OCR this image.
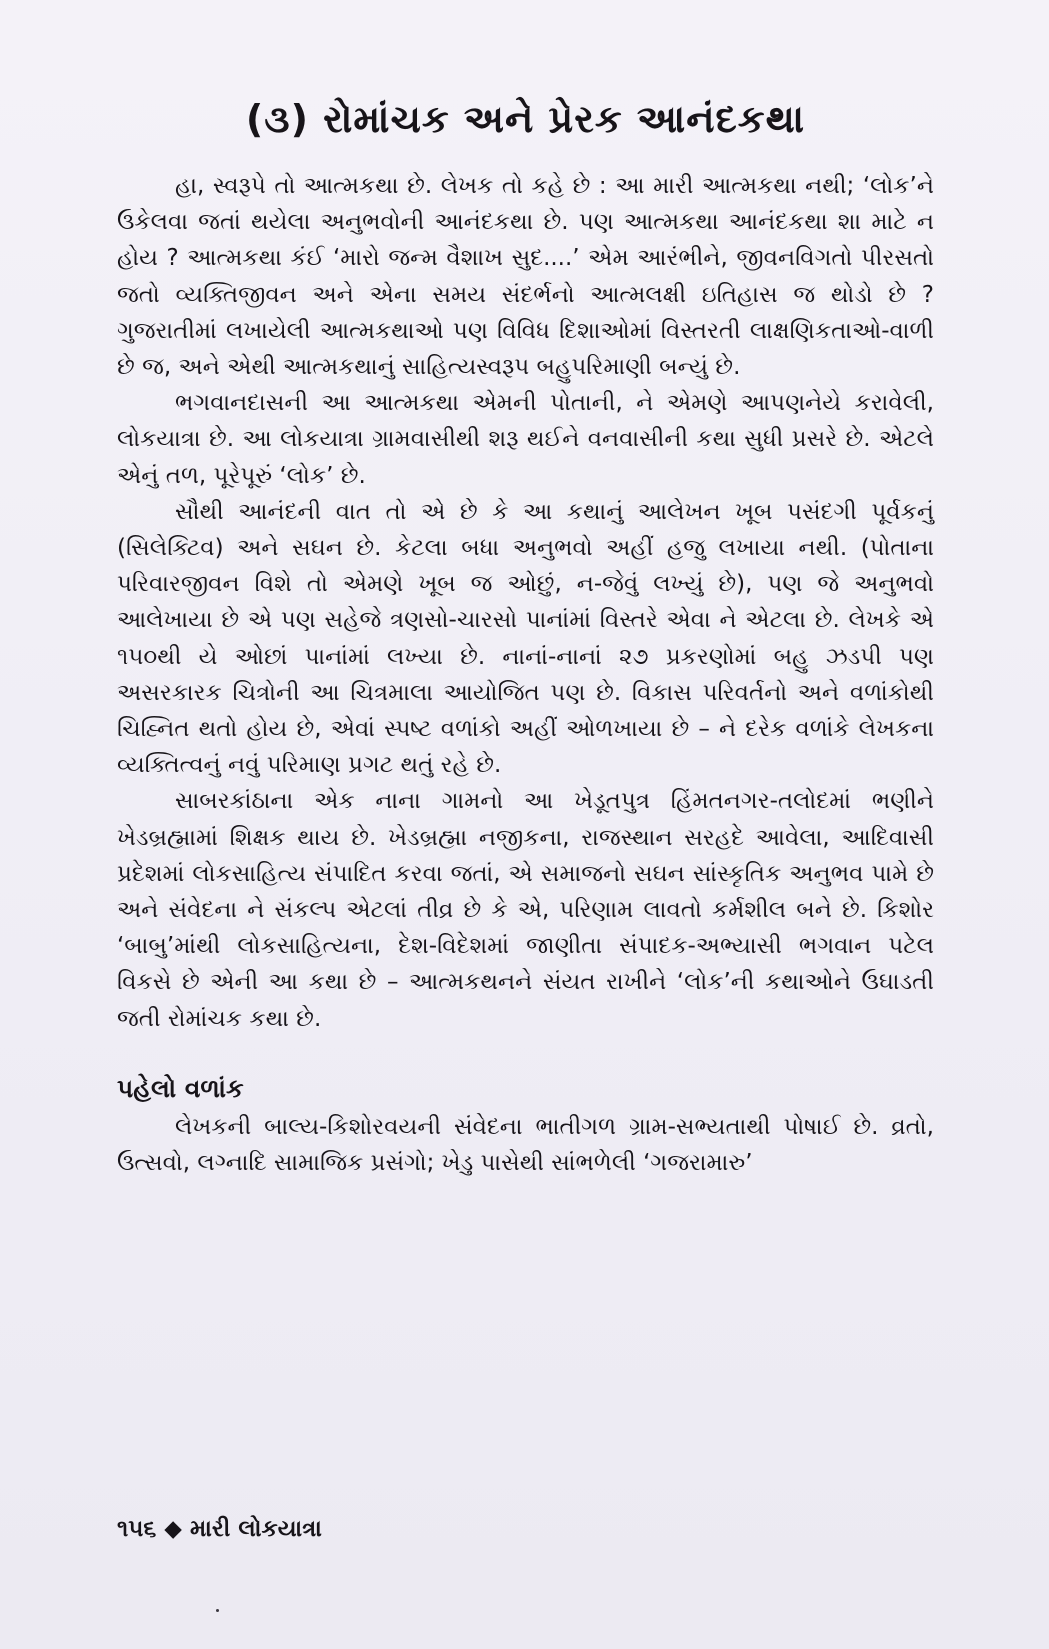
(૩) રોમાંચક અને પ્રેરક આનંદકથા

હા, સ્વરૂપે તો આત્મકથા છે. લેખક તો કહે છે : આ મારી આત્મકથા નથી; ‘લોક’ને ઉકેલવા જતાં થયેલા અનુભવોની આનંદકથા છે. પણ આત્મકથા આનંદકથા શા માટે ન હોય ? આત્મકથા કંઈ ‘મારો જન્મ વૈશાખ સુદ....’ એમ આરંભીને, જીવનવિગતો પીરસતો જતો વ્યક્તિજીવન અને એના સમય સંદર્ભનો આત્મલક્ષી ઇતિહાસ જ થોડો છે ? ગુજરાતીમાં લખાયેલી આત્મકથાઓ પણ વિવિધ દિશાઓમાં વિસ્તરતી લાક્ષણિકતાઓ-વાળી છે જ, અને એથી આત્મકથાનું સાહિત્યસ્વરૂપ બહુપરિમાણી બન્યું છે.

ભગવાનદાસની આ આત્મકથા એમની પોતાની, ને એમણે આપણનેયે કરાવેલી, લોકયાત્રા છે. આ લોકયાત્રા ગ્રામવાસીથી શરૂ થઈને વનવાસીની કથા સુધી પ્રસરે છે. એટલે એનું તળ, પૂરેપૂરું ‘લોક’ છે.

સૌથી આનંદની વાત તો એ છે કે આ કથાનું આલેખન ખૂબ પસંદગી પૂર્વકનું (સિલેક્ટિવ) અને સઘન છે. કેટલા બધા અનુભવો અહીં હજુ લખાયા નથી. (પોતાના પરિવારજીવન વિશે તો એમણે ખૂબ જ ઓછું, ન-જેવું લખ્યું છે), પણ જે અનુભવો આલેખાયા છે એ પણ સહેજે ત્રણસો-ચારસો પાનાંમાં વિસ્તરે એવા ને એટલા છે. લેખકે એ ૧૫૦થી યે ઓછાં પાનાંમાં લખ્યા છે. નાનાં-નાનાં ૨૭ પ્રકરણોમાં બહુ ઝડપી પણ અસરકારક ચિત્રોની આ ચિત્રમાલા આયોજિત પણ છે. વિકાસ પરિવર્તનો અને વળાંકોથી ચિહ્નિત થતો હોય છે, એવાં સ્પષ્ટ વળાંકો અહીં ઓળખાયા છે – ને દરેક વળાંકે લેખકના વ્યક્તિત્વનું નવું પરિમાણ પ્રગટ થતું રહે છે.

સાબરકાંઠાના એક નાના ગામનો આ ખેડૂતપુત્ર હિંમતનગર-તલોદમાં ભણીને ખેડબ્રહ્મામાં શિક્ષક થાય છે. ખેડબ્રહ્મા નજીકના, રાજસ્થાન સરહદે આવેલા, આદિવાસી પ્રદેશમાં લોકસાહિત્ય સંપાદિત કરવા જતાં, એ સમાજનો સઘન સાંસ્કૃતિક અનુભવ પામે છે અને સંવેદના ને સંકલ્પ એટલાં તીવ્ર છે કે એ, પરિણામ લાવતો કર્મશીલ બને છે. કિશોર ‘બાબુ’માંથી લોકસાહિત્યના, દેશ-વિદેશમાં જાણીતા સંપાદક-અભ્યાસી ભગવાન પટેલ વિકસે છે એની આ કથા છે – આત્મકથનને સંયત રાખીને ‘લોક’ની કથાઓને ઉઘાડતી જતી રોમાંચક કથા છે.

પહેલો વળાંક

લેખકની બાલ્ય-કિશોરવયની સંવેદના ભાતીગળ ગ્રામ-સભ્યતાથી પોષાઈ છે. વ્રતો, ઉત્સવો, લગ્નાદિ સામાજિક પ્રસંગો; ખેડુ પાસેથી સાંભળેલી ‘ગજરામારુ’

૧૫૬ ◆ મારી લોકયાત્રા
